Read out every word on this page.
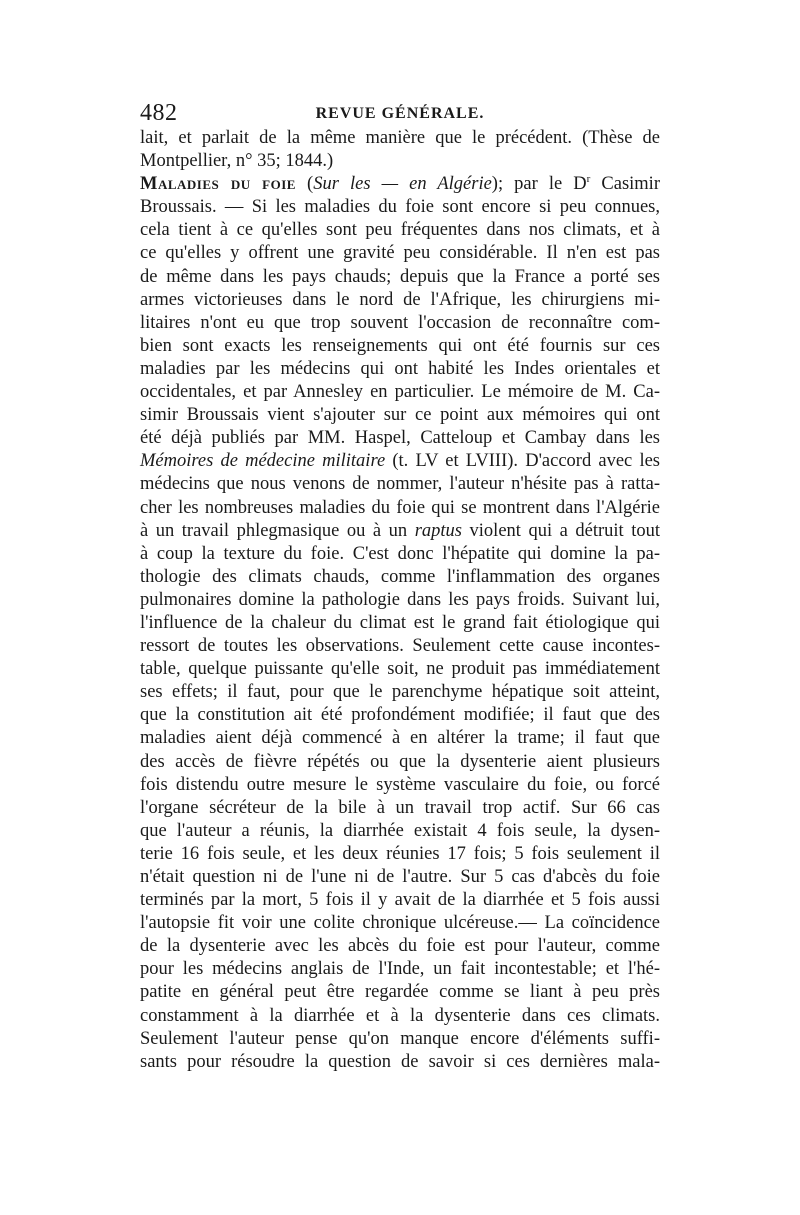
482	REVUE GÉNÉRALE.
lait, et parlait de la même manière que le précédent. (Thèse de
Montpellier, n° 35; 1844.)
Maladies du foie (Sur les — en Algérie); par le $D^r$ Casimir
Broussais. — Si les maladies du foie sont encore si peu connues,
cela tient à ce qu'elles sont peu fréquentes dans nos climats, et à
ce qu'elles y offrent une gravité peu considérable. Il n'en est pas
de même dans les pays chauds; depuis que la France a porté ses
armes victorieuses dans le nord de l'Afrique, les chirurgiens mi-
litaires n'ont eu que trop souvent l'occasion de reconnaître com-
bien sont exacts les renseignements qui ont été fournis sur ces
maladies par les médecins qui ont habité les Indes orientales et
occidentales, et par Annesley en particulier. Le mémoire de M. Ca-
simir Broussais vient s'ajouter sur ce point aux mémoires qui ont
été déjà publiés par MM. Haspel, Catteloup et Cambay dans les
Mémoires de médecine militaire (t. LV et LVIII). D'accord avec les
médecins que nous venons de nommer, l'auteur n'hésite pas à ratta-
cher les nombreuses maladies du foie qui se montrent dans l'Algérie
à un travail phlegmasique ou à un raptus violent qui a détruit tout
à coup la texture du foie. C'est donc l'hépatite qui domine la pa-
thologie des climats chauds, comme l'inflammation des organes
pulmonaires domine la pathologie dans les pays froids. Suivant lui,
l'influence de la chaleur du climat est le grand fait étiologique qui
ressort de toutes les observations. Seulement cette cause incontes-
table, quelque puissante qu'elle soit, ne produit pas immédiatement
ses effets; il faut, pour que le parenchyme hépatique soit atteint,
que la constitution ait été profondément modifiée; il faut que des
maladies aient déjà commencé à en altérer la trame; il faut que
des accès de fièvre répétés ou que la dysenterie aient plusieurs
fois distendu outre mesure le système vasculaire du foie, ou forcé
l'organe sécréteur de la bile à un travail trop actif. Sur 66 cas
que l'auteur a réunis, la diarrhée existait 4 fois seule, la dysen-
terie 16 fois seule, et les deux réunies 17 fois; 5 fois seulement il
n'était question ni de l'une ni de l'autre. Sur 5 cas d'abcès du foie
terminés par la mort, 5 fois il y avait de la diarrhée et 5 fois aussi
l'autopsie fit voir une colite chronique ulcéreuse.— La coïncidence
de la dysenterie avec les abcès du foie est pour l'auteur, comme
pour les médecins anglais de l'Inde, un fait incontestable; et l'hé-
patite en général peut être regardée comme se liant à peu près
constamment à la diarrhée et à la dysenterie dans ces climats.
Seulement l'auteur pense qu'on manque encore d'éléments suffi-
sants pour résoudre la question de savoir si ces dernières mala-
